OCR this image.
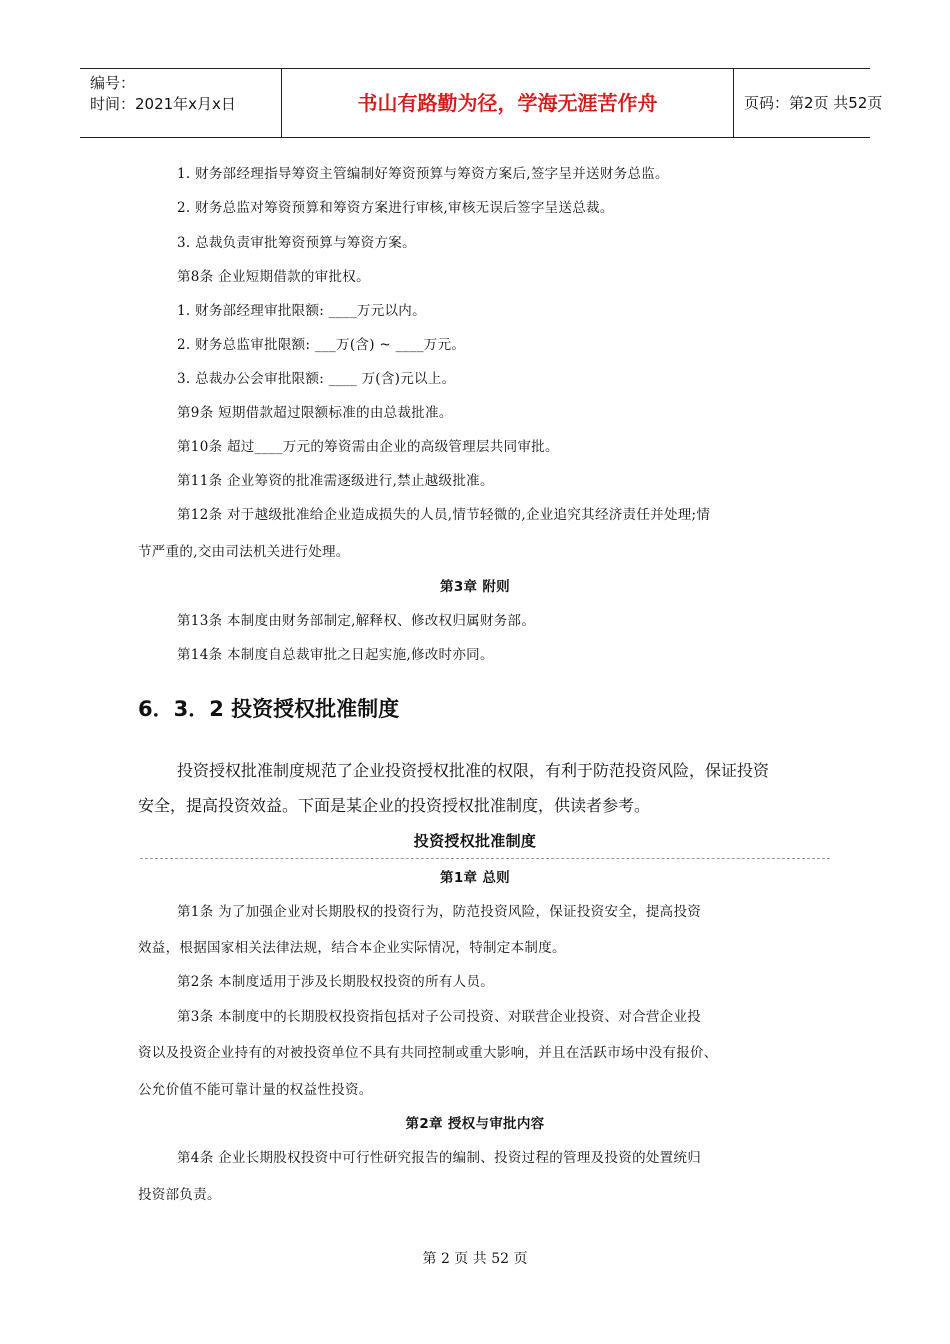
编号：
时间：2021年x月x日	书山有路勤为径，学海无涯苦作舟	页码：第2页 共52页
1. 财务部经理指导筹资主管编制好筹资预算与筹资方案后,签字呈并送财务总监。
2. 财务总监对筹资预算和筹资方案进行审核,审核无误后签字呈送总裁。
3. 总裁负责审批筹资预算与筹资方案。
第8条 企业短期借款的审批权。
1. 财务部经理审批限额: ____万元以内。
2. 财务总监审批限额: ___万(含) ~ ____万元。
3. 总裁办公会审批限额: ____ 万(含)元以上。
第9条 短期借款超过限额标准的由总裁批准。
第10条 超过____万元的筹资需由企业的高级管理层共同审批。
第11条 企业筹资的批准需逐级进行,禁止越级批准。
第12条 对于越级批准给企业造成损失的人员,情节轻微的,企业追究其经济责任并处理;情
节严重的,交由司法机关进行处理。
第3章 附则
第13条 本制度由财务部制定,解释权、修改权归属财务部。
第14条 本制度自总裁审批之日起实施,修改时亦同。
6．3．2 投资授权批准制度
投资授权批准制度规范了企业投资授权批准的权限，有利于防范投资风险，保证投资
安全，提高投资效益。下面是某企业的投资授权批准制度，供读者参考。
投资授权批准制度
第1章 总则
第1条 为了加强企业对长期股权的投资行为，防范投资风险，保证投资安全，提高投资
效益，根据国家相关法律法规，结合本企业实际情况，特制定本制度。
第2条 本制度适用于涉及长期股权投资的所有人员。
第3条 本制度中的长期股权投资指包括对子公司投资、对联营企业投资、对合营企业投
资以及投资企业持有的对被投资单位不具有共同控制或重大影响，并且在活跃市场中没有报价、
公允价值不能可靠计量的权益性投资。
第2章 授权与审批内容
第4条 企业长期股权投资中可行性研究报告的编制、投资过程的管理及投资的处置统归
投资部负责。
第 2 页 共 52 页
